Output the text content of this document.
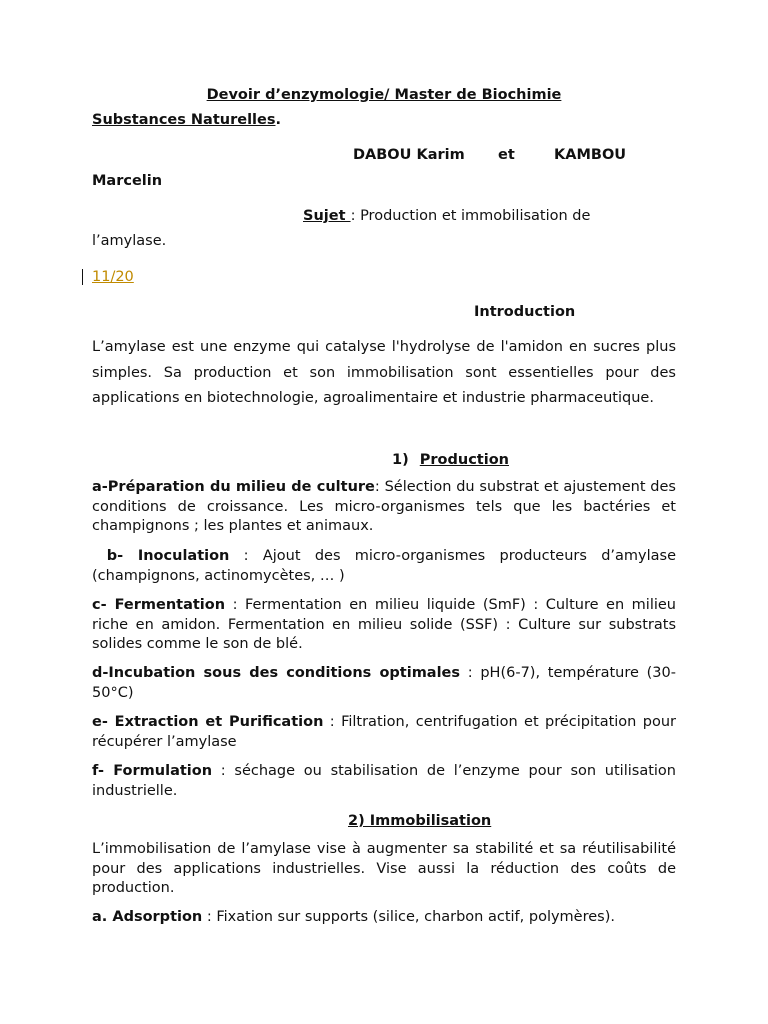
Devoir d’enzymologie/ Master de Biochimie
Substances Naturelles.
DABOU Karim et	KAMBOU
Marcelin
Sujet : Production et immobilisation de
l’amylase.
11/20
Introduction
L’amylase est une enzyme qui catalyse l'hydrolyse de l'amidon en sucres plus simples. Sa production et son immobilisation sont essentielles pour des applications en biotechnologie, agroalimentaire et industrie pharmaceutique.
1) Production
a-Préparation du milieu de culture: Sélection du substrat et ajustement des conditions de croissance. Les micro-organismes tels que les bactéries et champignons ; les plantes et animaux.
b- Inoculation : Ajout des micro-organismes producteurs d’amylase (champignons, actinomycètes, … )
c- Fermentation : Fermentation en milieu liquide (SmF) : Culture en milieu riche en amidon. Fermentation en milieu solide (SSF) : Culture sur substrats solides comme le son de blé.
d-Incubation sous des conditions optimales : pH(6-7), température (30-50°C)
e- Extraction et Purification : Filtration, centrifugation et précipitation pour récupérer l’amylase
f- Formulation : séchage ou stabilisation de l’enzyme pour son utilisation industrielle.
2) Immobilisation
L’immobilisation de l’amylase vise à augmenter sa stabilité et sa réutilisabilité pour des applications industrielles. Vise aussi la réduction des coûts de production.
a. Adsorption : Fixation sur supports (silice, charbon actif, polymères).
